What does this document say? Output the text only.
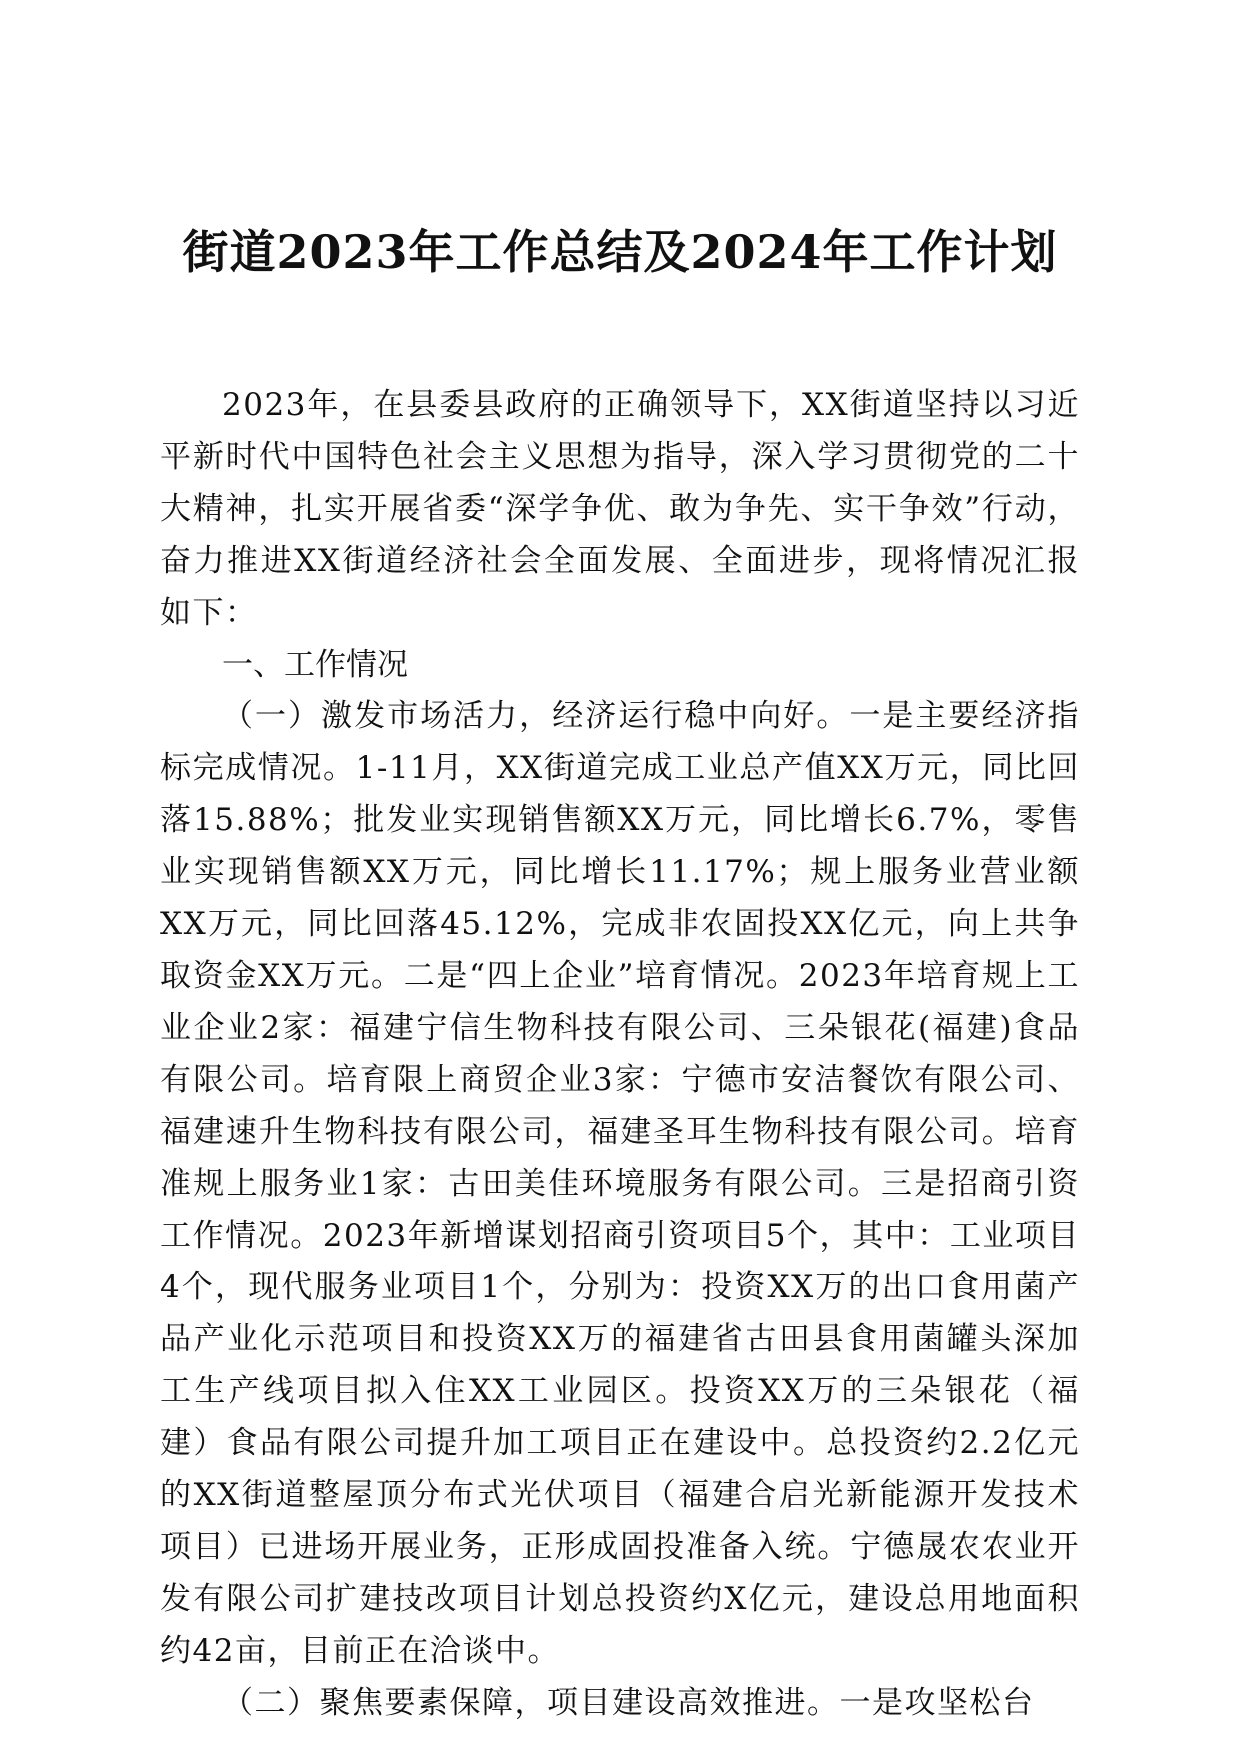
街道2023年工作总结及2024年工作计划

2023年，在县委县政府的正确领导下，XX街道坚持以习近平新时代中国特色社会主义思想为指导，深入学习贯彻党的二十大精神，扎实开展省委“深学争优、敢为争先、实干争效”行动，奋力推进XX街道经济社会全面发展、全面进步，现将情况汇报如下：

一、工作情况

（一）激发市场活力，经济运行稳中向好。一是主要经济指标完成情况。1-11月，XX街道完成工业总产值XX万元，同比回落15.88%；批发业实现销售额XX万元，同比增长6.7%，零售业实现销售额XX万元，同比增长11.17%；规上服务业营业额XX万元，同比回落45.12%，完成非农固投XX亿元，向上共争取资金XX万元。二是“四上企业”培育情况。2023年培育规上工业企业2家：福建宁信生物科技有限公司、三朵银花(福建)食品有限公司。培育限上商贸企业3家：宁德市安洁餐饮有限公司、福建速升生物科技有限公司，福建圣耳生物科技有限公司。培育准规上服务业1家：古田美佳环境服务有限公司。三是招商引资工作情况。2023年新增谋划招商引资项目5个，其中：工业项目4个，现代服务业项目1个，分别为：投资XX万的出口食用菌产品产业化示范项目和投资XX万的福建省古田县食用菌罐头深加工生产线项目拟入住XX工业园区。投资XX万的三朵银花（福建）食品有限公司提升加工项目正在建设中。总投资约2.2亿元的XX街道整屋顶分布式光伏项目（福建合启光新能源开发技术项目）已进场开展业务，正形成固投准备入统。宁德晟农农业开发有限公司扩建技改项目计划总投资约X亿元，建设总用地面积约42亩，目前正在洽谈中。

（二）聚焦要素保障，项目建设高效推进。一是攻坚松台
